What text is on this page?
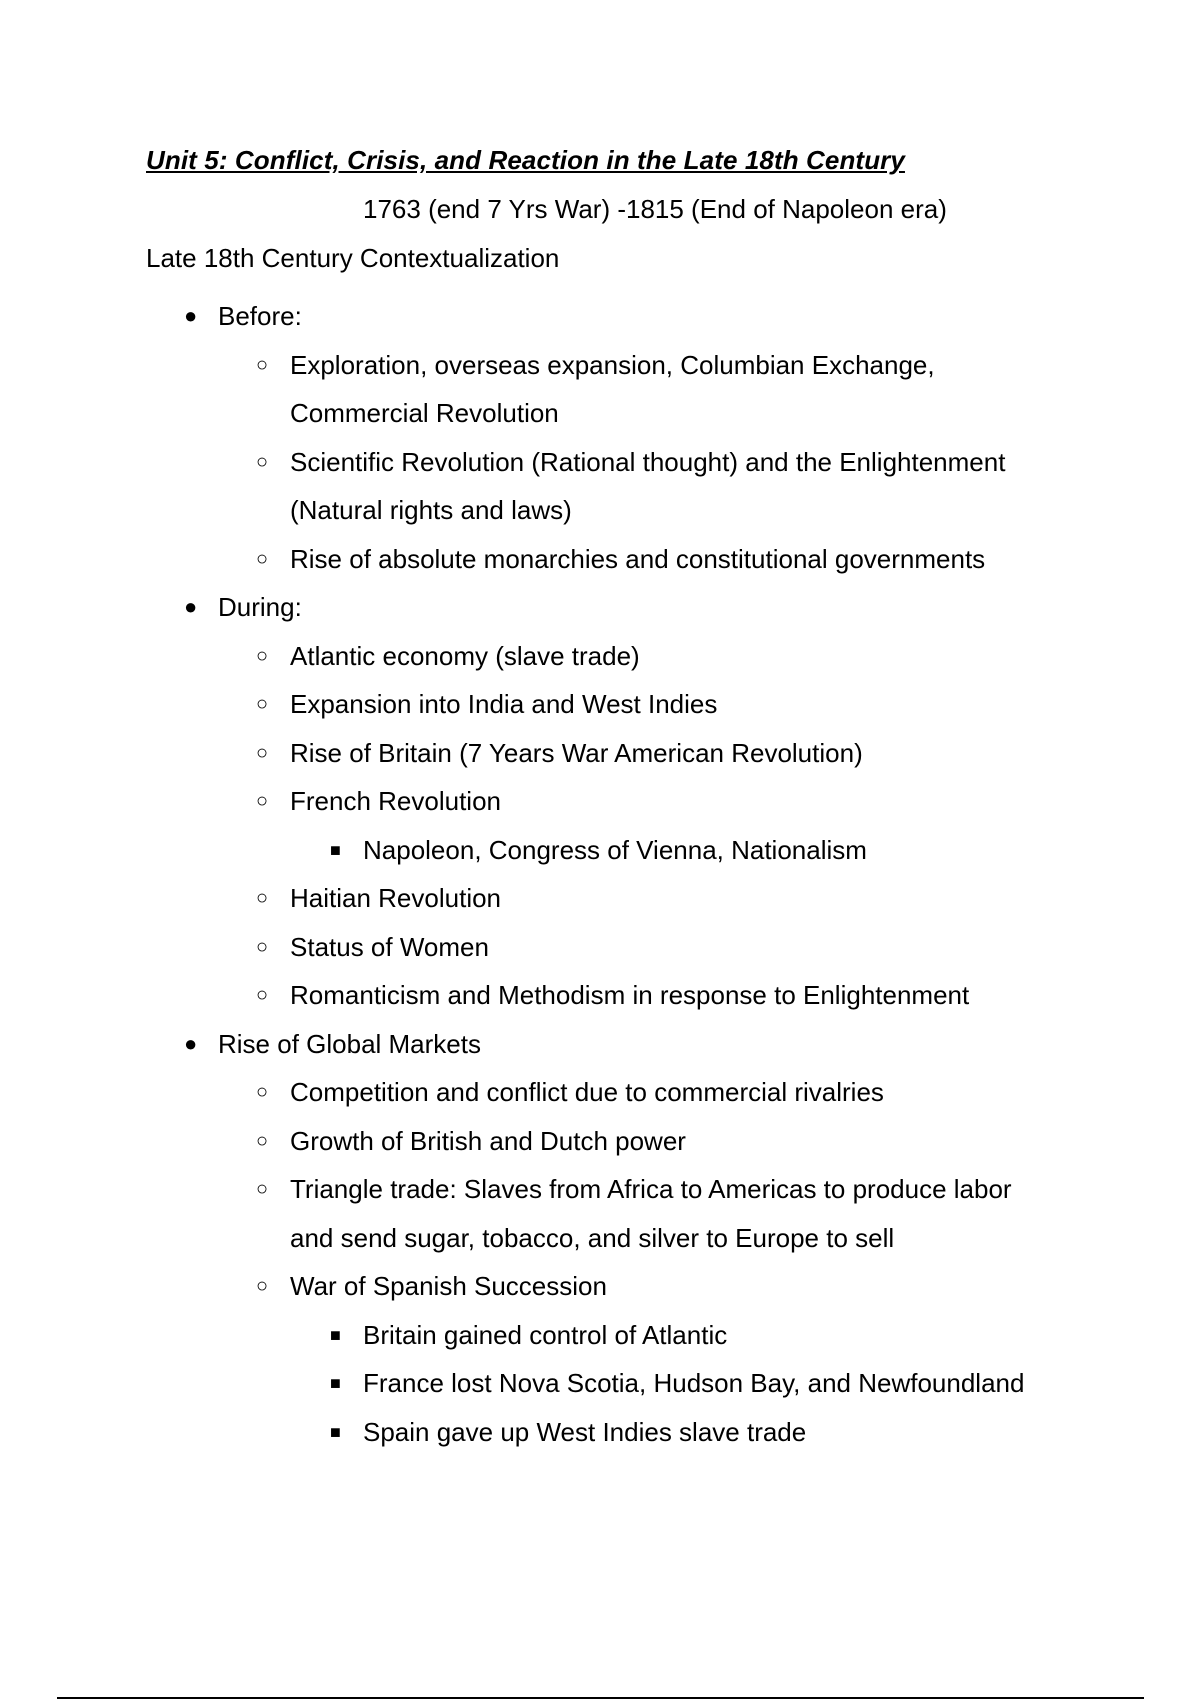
Unit 5: Conflict, Crisis, and Reaction in the Late 18th Century
1763 (end 7 Yrs War) -1815 (End of Napoleon era)
Late 18th Century Contextualization
● Before:
○ Exploration, overseas expansion, Columbian Exchange,
Commercial Revolution
○ Scientific Revolution (Rational thought) and the Enlightenment
(Natural rights and laws)
○ Rise of absolute monarchies and constitutional governments
● During:
○ Atlantic economy (slave trade)
○ Expansion into India and West Indies
○ Rise of Britain (7 Years War American Revolution)
○ French Revolution
■ Napoleon, Congress of Vienna, Nationalism
○ Haitian Revolution
○ Status of Women
○ Romanticism and Methodism in response to Enlightenment
● Rise of Global Markets
○ Competition and conflict due to commercial rivalries
○ Growth of British and Dutch power
○ Triangle trade: Slaves from Africa to Americas to produce labor
and send sugar, tobacco, and silver to Europe to sell
○ War of Spanish Succession
■ Britain gained control of Atlantic
■ France lost Nova Scotia, Hudson Bay, and Newfoundland
■ Spain gave up West Indies slave trade
